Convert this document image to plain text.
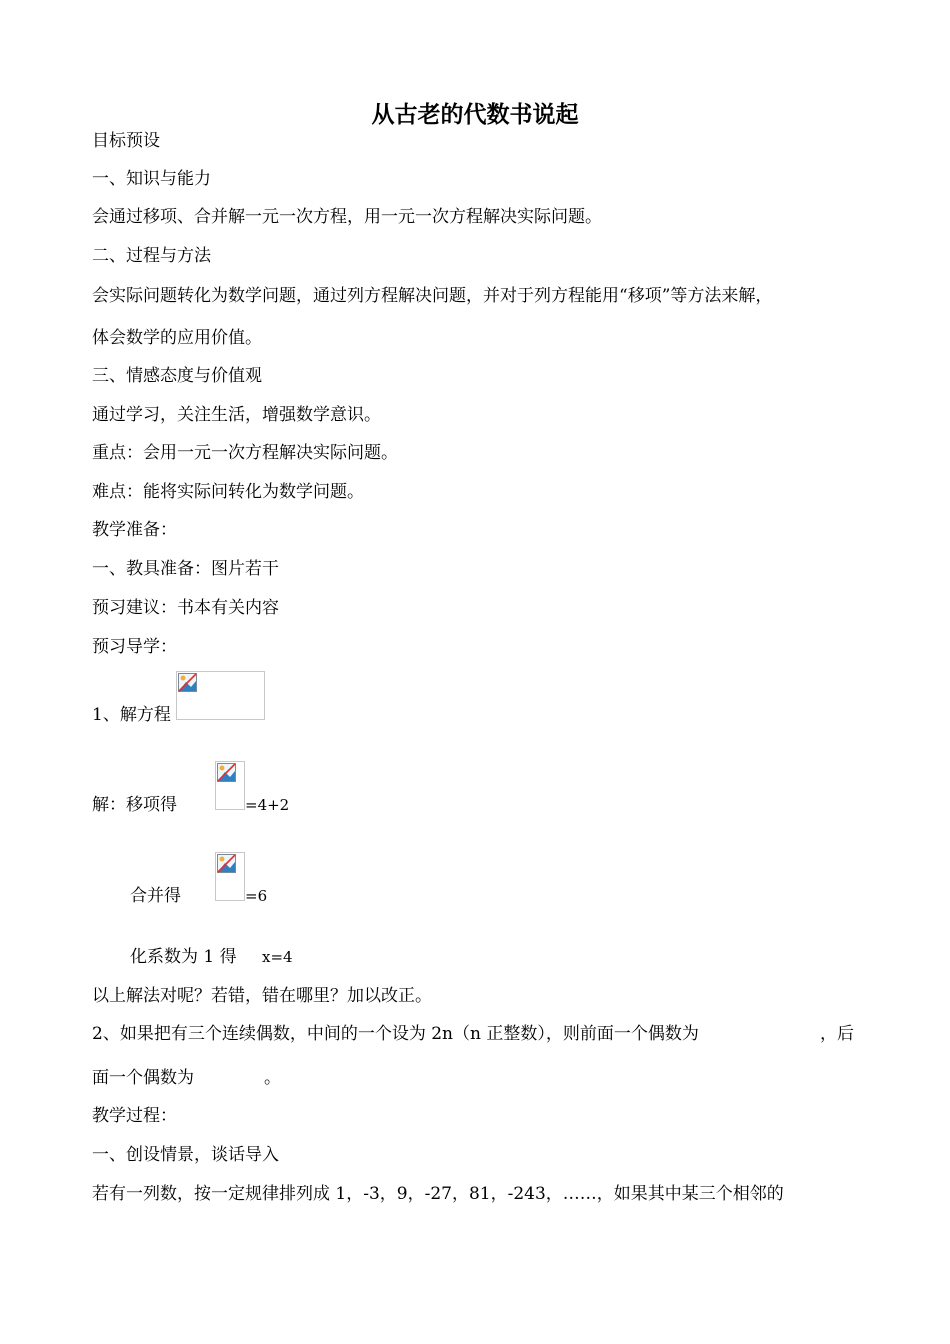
从古老的代数书说起
目标预设
一、知识与能力
会通过移项、合并解一元一次方程，用一元一次方程解决实际问题。
二、过程与方法
会实际问题转化为数学问题，通过列方程解决问题，并对于列方程能用“移项”等方法来解，
体会数学的应用价值。
三、情感态度与价值观
通过学习，关注生活，增强数学意识。
重点：会用一元一次方程解决实际问题。
难点：能将实际问转化为数学问题。
教学准备：
一、教具准备：图片若干
预习建议：书本有关内容
预习导学：
1、解方程
解：移项得	=4+2
合并得	=6
化系数为 1 得 x=4
以上解法对呢？若错，错在哪里？加以改正。
2、如果把有三个连续偶数，中间的一个设为 2n（n 正整数），则前面一个偶数为	，后
面一个偶数为	。
教学过程：
一、创设情景，谈话导入
若有一列数，按一定规律排列成 1，-3，9，-27，81，-243，……，如果其中某三个相邻的
